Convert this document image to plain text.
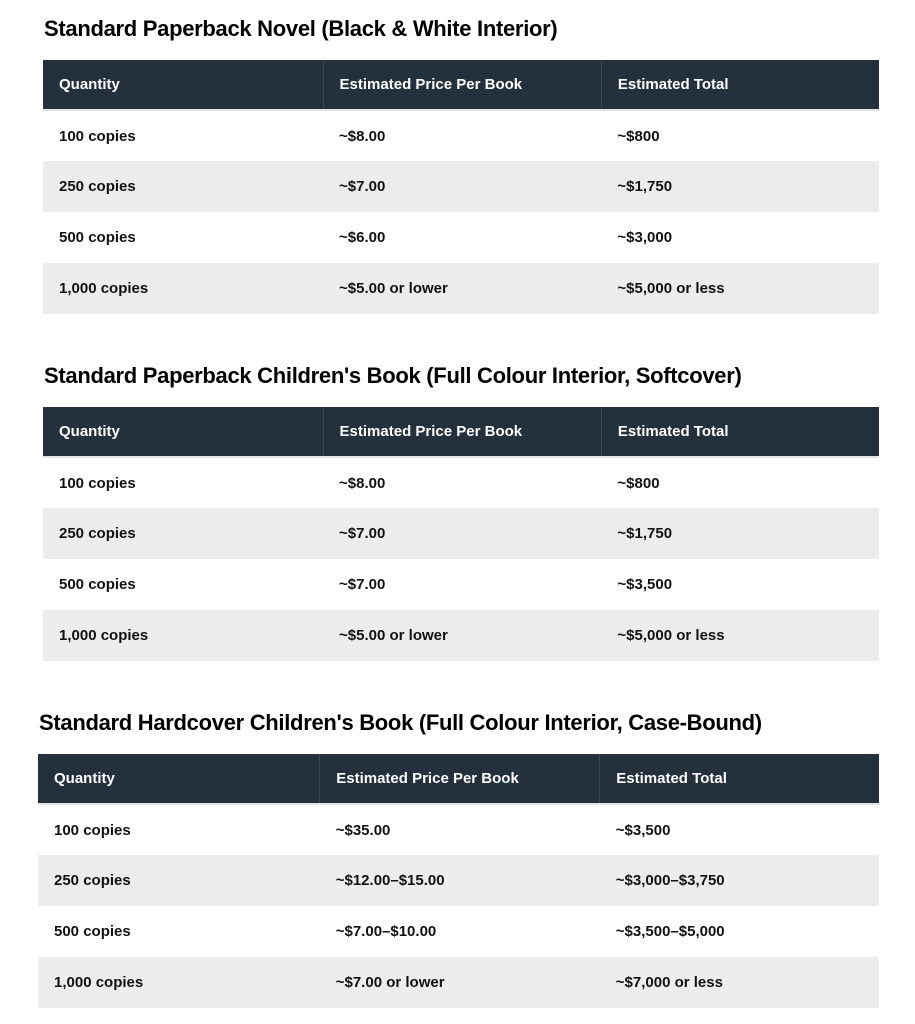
Standard Paperback Novel (Black & White Interior)
Quantity	Estimated Price Per Book	Estimated Total
100 copies	~$8.00	~$800
250 copies	~$7.00	~$1,750
500 copies	~$6.00	~$3,000
1,000 copies	~$5.00 or lower	~$5,000 or less
Standard Paperback Children's Book (Full Colour Interior, Softcover)
Quantity	Estimated Price Per Book	Estimated Total
100 copies	~$8.00	~$800
250 copies	~$7.00	~$1,750
500 copies	~$7.00	~$3,500
1,000 copies	~$5.00 or lower	~$5,000 or less
Standard Hardcover Children's Book (Full Colour Interior, Case-Bound)
Quantity	Estimated Price Per Book	Estimated Total
100 copies	~$35.00	~$3,500
250 copies	~$12.00–$15.00	~$3,000–$3,750
500 copies	~$7.00–$10.00	~$3,500–$5,000
1,000 copies	~$7.00 or lower	~$7,000 or less
